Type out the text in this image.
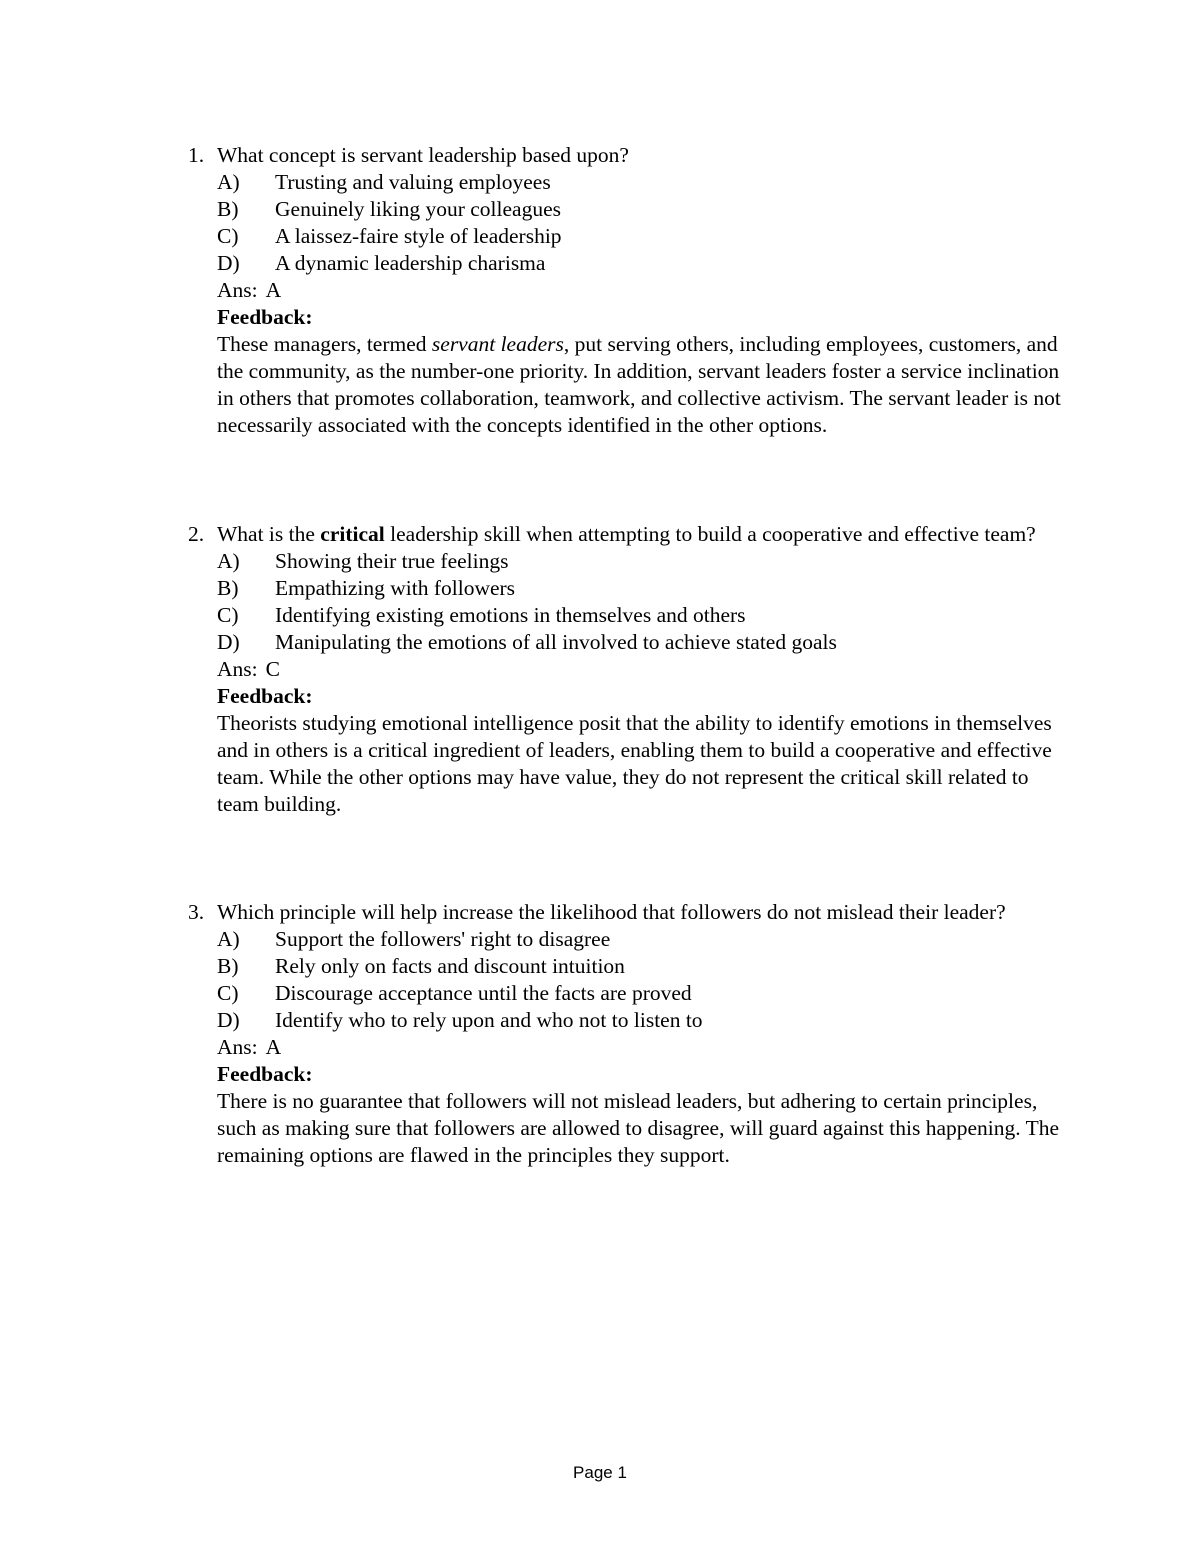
1. What concept is servant leadership based upon?
A) Trusting and valuing employees
B) Genuinely liking your colleagues
C) A laissez-faire style of leadership
D) A dynamic leadership charisma
Ans: A
Feedback:
These managers, termed servant leaders, put serving others, including employees, customers, and the community, as the number-one priority. In addition, servant leaders foster a service inclination in others that promotes collaboration, teamwork, and collective activism. The servant leader is not necessarily associated with the concepts identified in the other options.
2. What is the critical leadership skill when attempting to build a cooperative and effective team?
A) Showing their true feelings
B) Empathizing with followers
C) Identifying existing emotions in themselves and others
D) Manipulating the emotions of all involved to achieve stated goals
Ans: C
Feedback:
Theorists studying emotional intelligence posit that the ability to identify emotions in themselves and in others is a critical ingredient of leaders, enabling them to build a cooperative and effective team. While the other options may have value, they do not represent the critical skill related to team building.
3. Which principle will help increase the likelihood that followers do not mislead their leader?
A) Support the followers' right to disagree
B) Rely only on facts and discount intuition
C) Discourage acceptance until the facts are proved
D) Identify who to rely upon and who not to listen to
Ans: A
Feedback:
There is no guarantee that followers will not mislead leaders, but adhering to certain principles, such as making sure that followers are allowed to disagree, will guard against this happening. The remaining options are flawed in the principles they support.
Page 1
